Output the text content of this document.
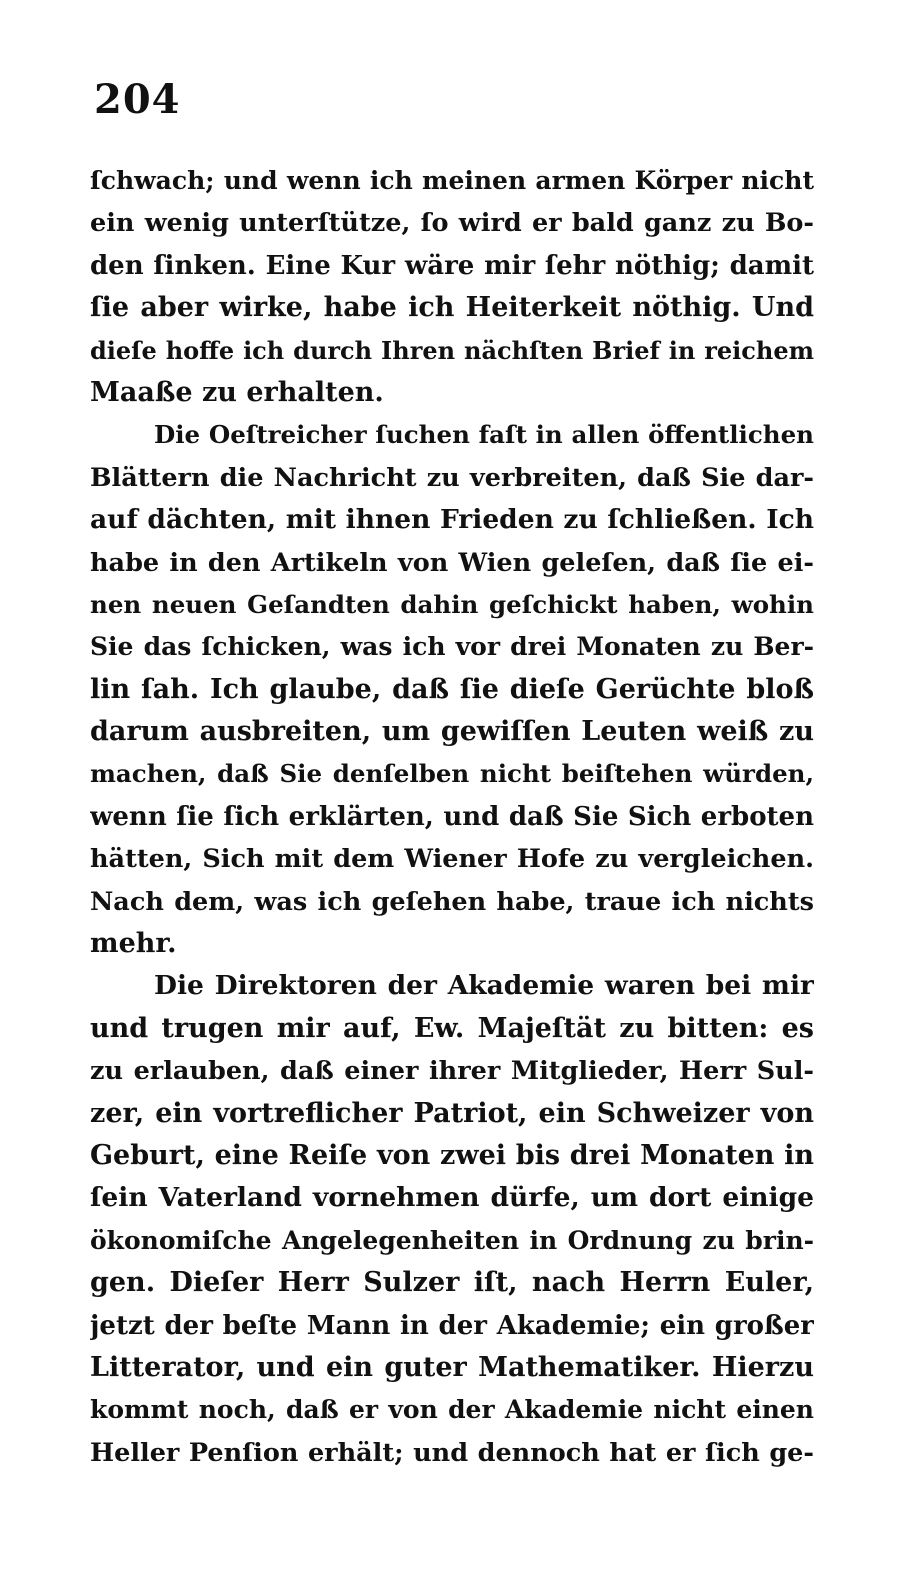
204
ſchwach; und wenn ich meinen armen Körper nicht
ein wenig unterſtütze, ſo wird er bald ganz zu Bo-
den ſinken. Eine Kur wäre mir ſehr nöthig; damit
ſie aber wirke, habe ich Heiterkeit nöthig. Und
dieſe hoffe ich durch Ihren nächſten Brief in reichem
Maaße zu erhalten.
Die Oeſtreicher ſuchen faſt in allen öffentlichen
Blättern die Nachricht zu verbreiten, daß Sie dar-
auf dächten, mit ihnen Frieden zu ſchließen. Ich
habe in den Artikeln von Wien geleſen, daß ſie ei-
nen neuen Geſandten dahin geſchickt haben, wohin
Sie das ſchicken, was ich vor drei Monaten zu Ber-
lin ſah. Ich glaube, daß ſie dieſe Gerüchte bloß
darum ausbreiten, um gewiſſen Leuten weiß zu
machen, daß Sie denſelben nicht beiſtehen würden,
wenn ſie ſich erklärten, und daß Sie Sich erboten
hätten, Sich mit dem Wiener Hofe zu vergleichen.
Nach dem, was ich geſehen habe, traue ich nichts
mehr.
Die Direktoren der Akademie waren bei mir
und trugen mir auf, Ew. Majeſtät zu bitten: es
zu erlauben, daß einer ihrer Mitglieder, Herr Sul-
zer, ein vortreflicher Patriot, ein Schweizer von
Geburt, eine Reiſe von zwei bis drei Monaten in
ſein Vaterland vornehmen dürfe, um dort einige
ökonomiſche Angelegenheiten in Ordnung zu brin-
gen. Dieſer Herr Sulzer iſt, nach Herrn Euler,
jetzt der beſte Mann in der Akademie; ein großer
Litterator, und ein guter Mathematiker. Hierzu
kommt noch, daß er von der Akademie nicht einen
Heller Penſion erhält; und dennoch hat er ſich ge-
